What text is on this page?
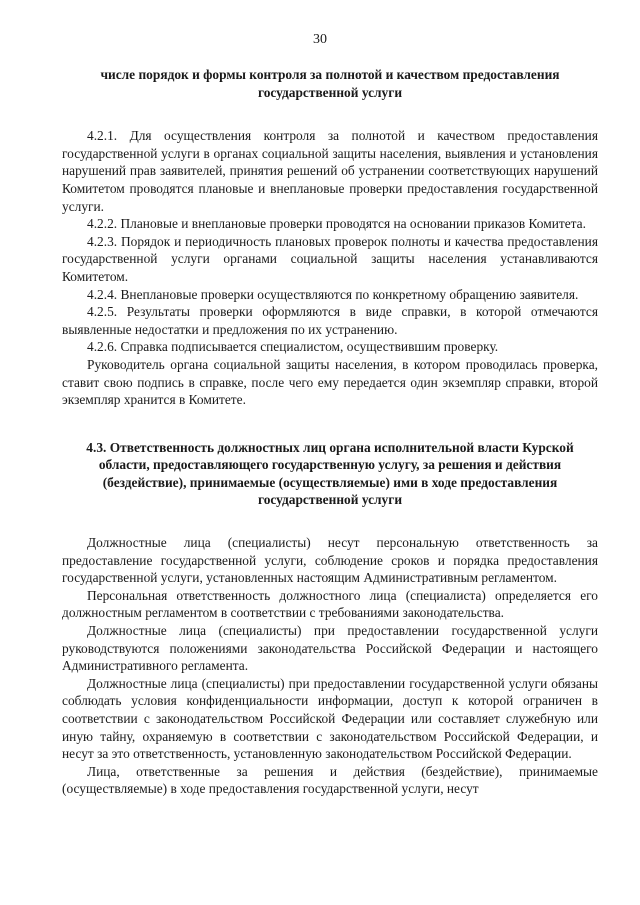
30

числе порядок и формы контроля за полнотой и качеством предоставления государственной услуги

4.2.1. Для осуществления контроля за полнотой и качеством предоставления государственной услуги в органах социальной защиты населения, выявления и установления нарушений прав заявителей, принятия решений об устранении соответствующих нарушений Комитетом проводятся плановые и внеплановые проверки предоставления государственной услуги.

4.2.2. Плановые и внеплановые проверки проводятся на основании приказов Комитета.

4.2.3. Порядок и периодичность плановых проверок полноты и качества предоставления государственной услуги органами социальной защиты населения устанавливаются Комитетом.

4.2.4. Внеплановые проверки осуществляются по конкретному обращению заявителя.

4.2.5. Результаты проверки оформляются в виде справки, в которой отмечаются выявленные недостатки и предложения по их устранению.

4.2.6. Справка подписывается специалистом, осуществившим проверку.

Руководитель органа социальной защиты населения, в котором проводилась проверка, ставит свою подпись в справке, после чего ему передается один экземпляр справки, второй экземпляр хранится в Комитете.

4.3. Ответственность должностных лиц органа исполнительной власти Курской области, предоставляющего государственную услугу, за решения и действия (бездействие), принимаемые (осуществляемые) ими в ходе предоставления государственной услуги

Должностные лица (специалисты) несут персональную ответственность за предоставление государственной услуги, соблюдение сроков и порядка предоставления государственной услуги, установленных настоящим Административным регламентом.

Персональная ответственность должностного лица (специалиста) определяется его должностным регламентом в соответствии с требованиями законодательства.

Должностные лица (специалисты) при предоставлении государственной услуги руководствуются положениями законодательства Российской Федерации и настоящего Административного регламента.

Должностные лица (специалисты) при предоставлении государственной услуги обязаны соблюдать условия конфиденциальности информации, доступ к которой ограничен в соответствии с законодательством Российской Федерации или составляет служебную или иную тайну, охраняемую в соответствии с законодательством Российской Федерации, и несут за это ответственность, установленную законодательством Российской Федерации.

Лица, ответственные за решения и действия (бездействие), принимаемые (осуществляемые) в ходе предоставления государственной услуги, несут
